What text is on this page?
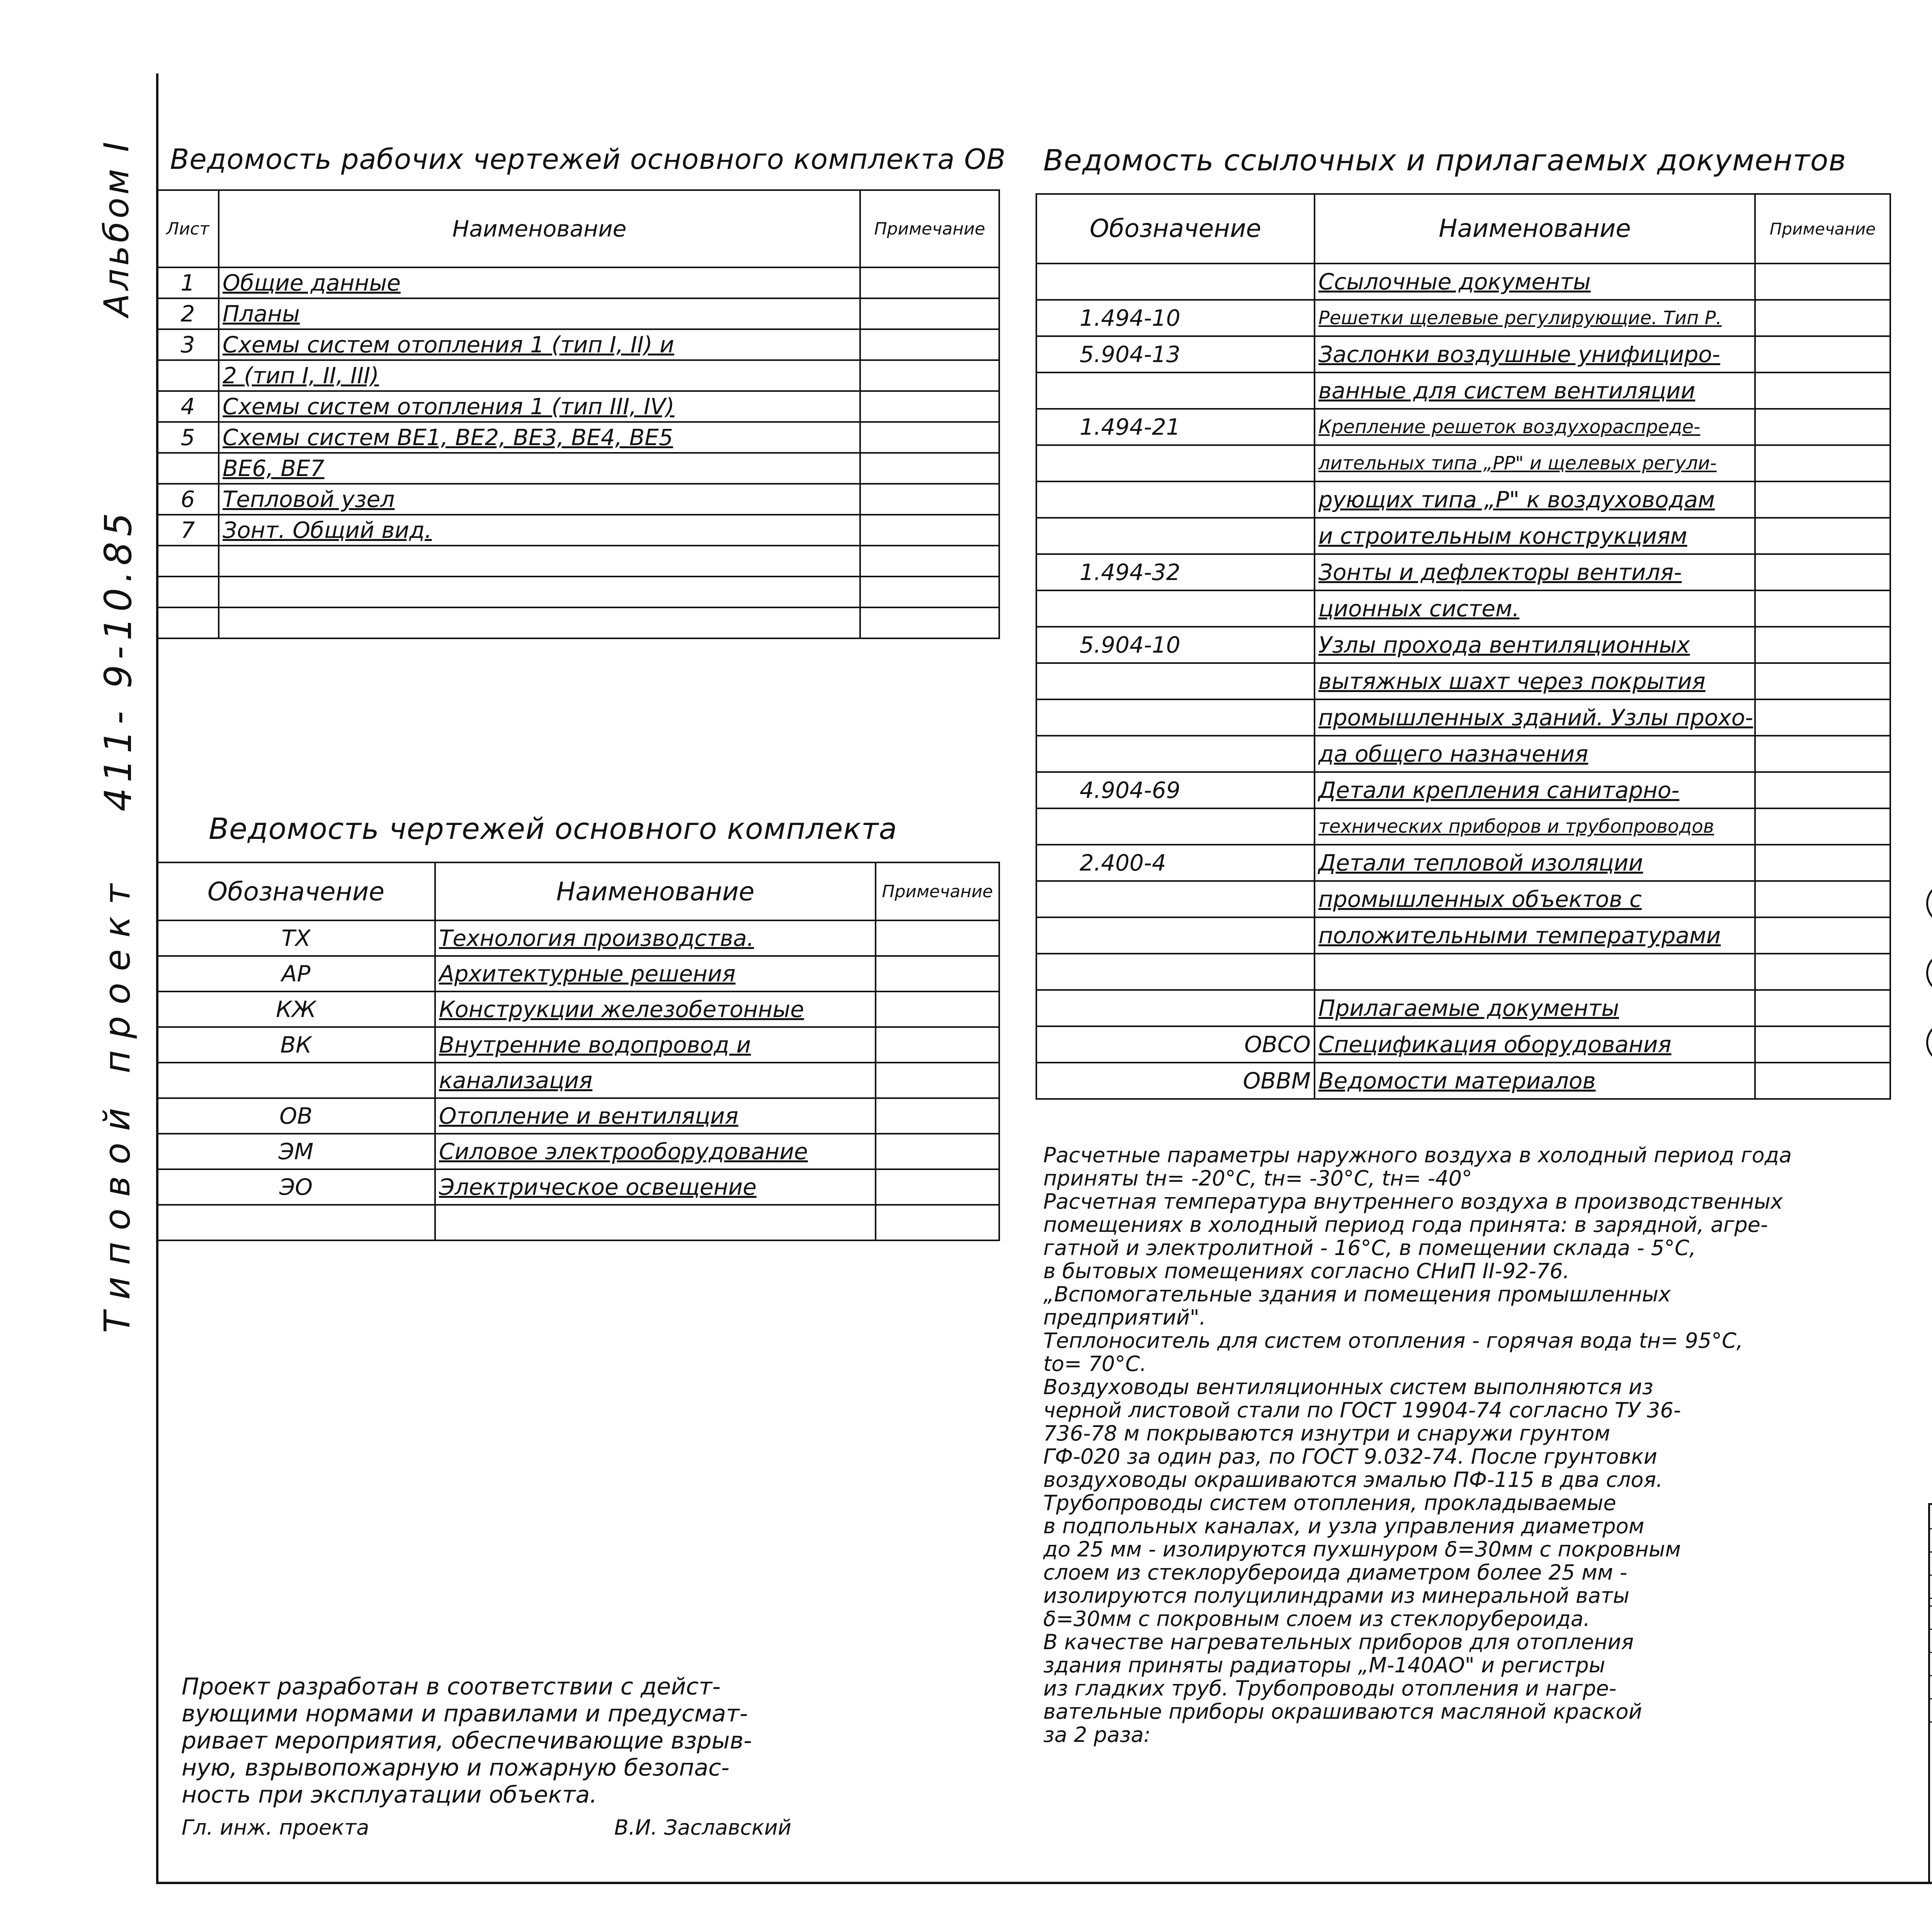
Альбом I
411- 9-10.85
Типовой проект
Ведомость рабочих чертежей основного комплекта ОВ
Лист	Наименование	Примечание
1	Общие данные	
2	Планы	
3	Схемы систем отопления 1 (тип I, II) и	
	2 (тип I, II, III)	
4	Схемы систем отопления 1 (тип III, IV)	
5	Схемы систем ВЕ1, ВЕ2, ВЕ3, ВЕ4, ВЕ5	
	ВЕ6, ВЕ7	
6	Тепловой узел	
7	Зонт. Общий вид.	

Ведомость чертежей основного комплекта
Обозначение	Наименование	Примечание
ТХ	Технология производства.	
АР	Архитектурные решения	
КЖ	Конструкции железобетонные	
ВК	Внутренние водопровод и	
	канализация	
ОВ	Отопление и вентиляция	
ЭМ	Силовое электрооборудование	
ЭО	Электрическое освещение	

Проект разработан в соответствии с дейст-
вующими нормами и правилами и предусмат-
ривает мероприятия, обеспечивающие взрыв-
ную, взрывопожарную и пожарную безопас-
ность при эксплуатации объекта.
Гл. инж. проекта	В.И. Заславский
Ведомость ссылочных и прилагаемых документов
Обозначение	Наименование	Примечание
	Ссылочные документы	
1.494-10	Решетки щелевые регулирующие. Тип Р.	
5.904-13	Заслонки воздушные унифициро-	
	ванные для систем вентиляции	
1.494-21	Крепление решеток воздухораспреде-	
	лительных типа „РР" и щелевых регули-	
	рующих типа „Р" к воздуховодам	
	и строительным конструкциям	
1.494-32	Зонты и дефлекторы вентиля-	
	ционных систем.	
5.904-10	Узлы прохода вентиляционных	
	вытяжных шахт через покрытия	
	промышленных зданий. Узлы прохо-	
	да общего назначения	
4.904-69	Детали крепления санитарно-	
	технических приборов и трубопроводов	
2.400-4	Детали тепловой изоляции	
	промышленных объектов с	
	положительными температурами	

	Прилагаемые документы	
ОВСО	Спецификация оборудования	
ОВВМ	Ведомости материалов	
Расчетные параметры наружного воздуха в холодный период года
приняты tн= -20°С, tн= -30°С, tн= -40°
Расчетная температура внутреннего воздуха в производственных
помещениях в холодный период года принята: в зарядной, агре-
гатной и электролитной - 16°С, в помещении склада - 5°С,
в бытовых помещениях согласно СНиП II-92-76.
„Вспомогательные здания и помещения промышленных
предприятий".
Теплоноситель для систем отопления - горячая вода tн= 95°С,
tо= 70°С.
Воздуховоды вентиляционных систем выполняются из
черной листовой стали по ГОСТ 19904-74 согласно ТУ 36-
736-78 м покрываются изнутри и снаружи грунтом
ГФ-020 за один раз, по ГОСТ 9.032-74. После грунтовки
воздуховоды окрашиваются эмалью ПФ-115 в два слоя.
Трубопроводы систем отопления, прокладываемые
в подпольных каналах, и узла управления диаметром
до 25 мм - изолируются пухшнуром δ=30мм с покровным
слоем из стеклорубероида диаметром более 25 мм -
изолируются полуцилиндрами из минеральной ваты
δ=30мм с покровным слоем из стеклорубероида.
В качестве нагревательных приборов для отопления
здания приняты радиаторы „М-140АО" и регистры
из гладких труб. Трубопроводы отопления и нагре-
вательные приборы окрашиваются масляной краской
за 2 раза:
